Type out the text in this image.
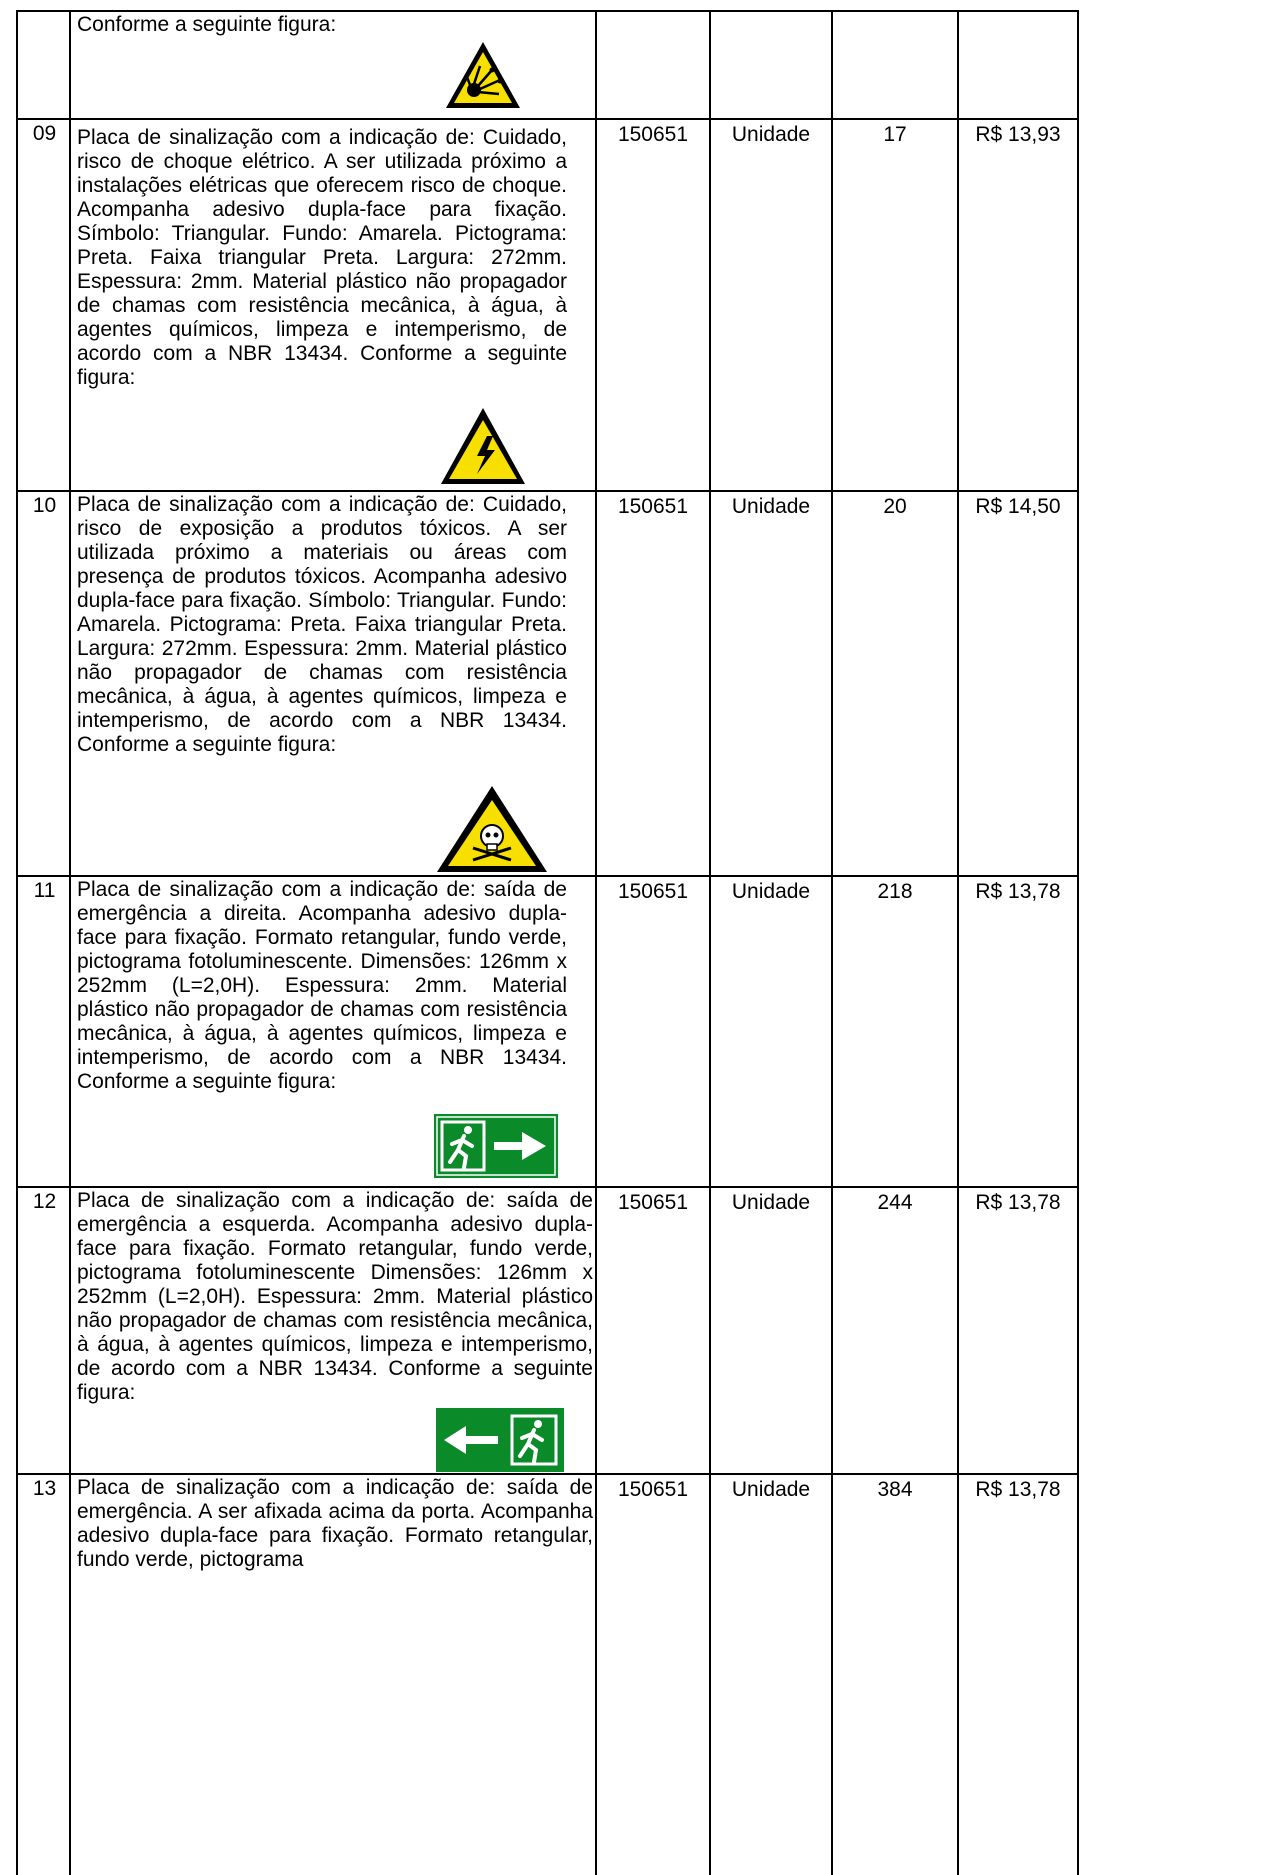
Conforme a seguinte figura:
09 Placa de sinalização com a indicação de: Cuidado, risco de choque elétrico. A ser utilizada próximo a instalações elétricas que oferecem risco de choque. Acompanha adesivo dupla-face para fixação. Símbolo: Triangular. Fundo: Amarela. Pictograma: Preta. Faixa triangular Preta. Largura: 272mm. Espessura: 2mm. Material plástico não propagador de chamas com resistência mecânica, à água, à agentes químicos, limpeza e intemperismo, de acordo com a NBR 13434. Conforme a seguinte figura:
150651	Unidade	17	R$ 13,93
10 Placa de sinalização com a indicação de: Cuidado, risco de exposição a produtos tóxicos. A ser utilizada próximo a materiais ou áreas com presença de produtos tóxicos. Acompanha adesivo dupla-face para fixação. Símbolo: Triangular. Fundo: Amarela. Pictograma: Preta. Faixa triangular Preta. Largura: 272mm. Espessura: 2mm. Material plástico não propagador de chamas com resistência mecânica, à água, à agentes químicos, limpeza e intemperismo, de acordo com a NBR 13434. Conforme a seguinte figura:
150651	Unidade	20	R$ 14,50
11	Placa de sinalização com a indicação de: saída de emergência a direita. Acompanha adesivo dupla-face para fixação. Formato retangular, fundo verde, pictograma fotoluminescente. Dimensões: 126mm x 252mm (L=2,0H). Espessura: 2mm. Material plástico não propagador de chamas com resistência mecânica, à água, à agentes químicos, limpeza e intemperismo, de acordo com a NBR 13434. Conforme a seguinte figura:
150651	Unidade	218	R$ 13,78
12 Placa de sinalização com a indicação de: saída de emergência a esquerda. Acompanha adesivo dupla-face para fixação. Formato retangular, fundo verde, pictograma fotoluminescente Dimensões: 126mm x 252mm (L=2,0H). Espessura: 2mm. Material plástico não propagador de chamas com resistência mecânica, à água, à agentes químicos, limpeza e intemperismo, de acordo com a NBR 13434. Conforme a seguinte figura:
150651	Unidade	244	R$ 13,78
13 Placa de sinalização com a indicação de: saída de emergência. A ser afixada acima da porta. Acompanha adesivo dupla-face para fixação. Formato retangular, fundo verde, pictograma
150651	Unidade	384	R$ 13,78
